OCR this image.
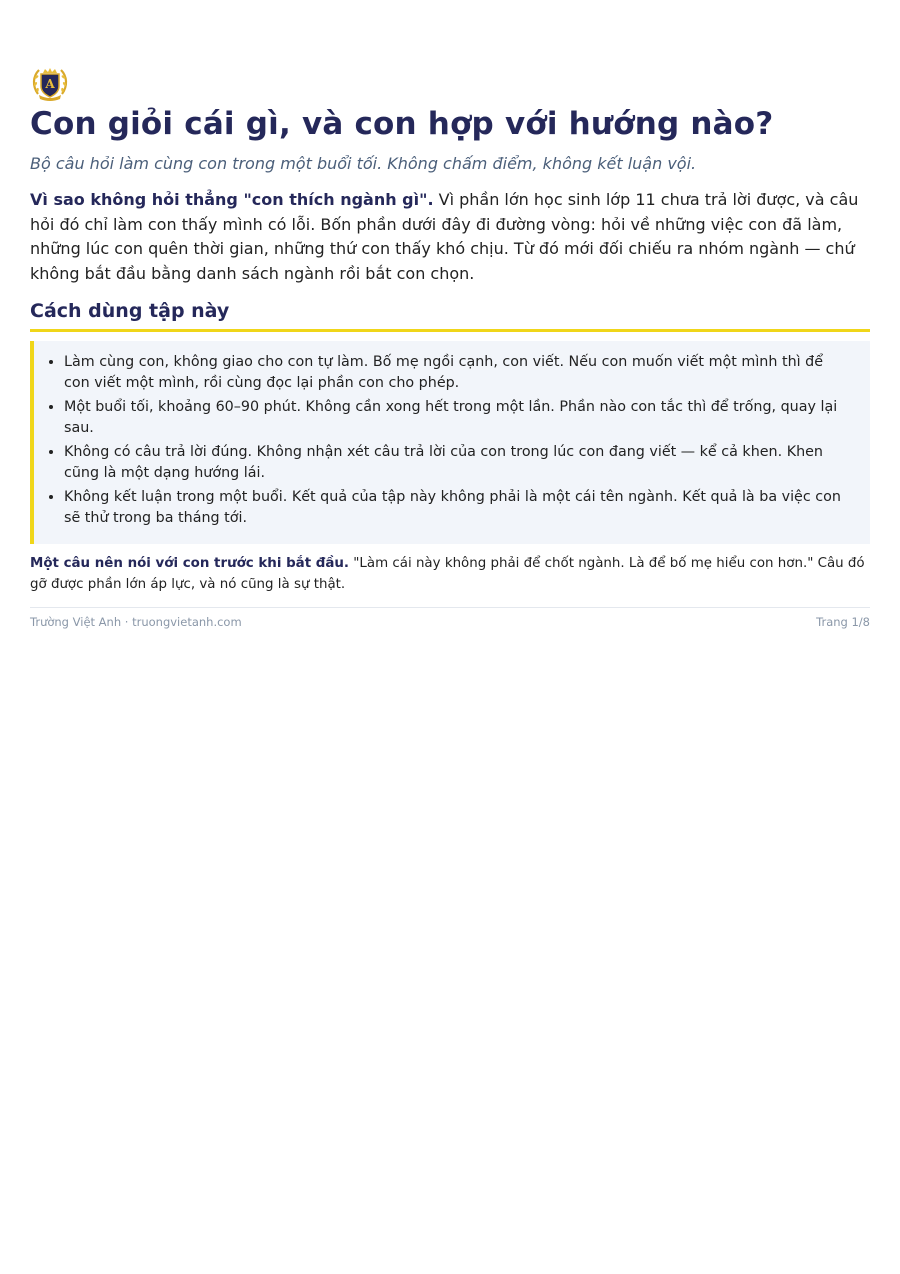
A
Con giỏi cái gì, và con hợp với hướng nào?

Bộ câu hỏi làm cùng con trong một buổi tối. Không chấm điểm, không kết luận vội.

Vì sao không hỏi thẳng "con thích ngành gì". Vì phần lớn học sinh lớp 11 chưa trả lời được, và câu hỏi đó chỉ làm con thấy mình có lỗi. Bốn phần dưới đây đi đường vòng: hỏi về những việc con đã làm, những lúc con quên thời gian, những thứ con thấy khó chịu. Từ đó mới đối chiếu ra nhóm ngành — chứ không bắt đầu bằng danh sách ngành rồi bắt con chọn.

Cách dùng tập này
• Làm cùng con, không giao cho con tự làm. Bố mẹ ngồi cạnh, con viết. Nếu con muốn viết một mình thì để con viết một mình, rồi cùng đọc lại phần con cho phép.
• Một buổi tối, khoảng 60–90 phút. Không cần xong hết trong một lần. Phần nào con tắc thì để trống, quay lại sau.
• Không có câu trả lời đúng. Không nhận xét câu trả lời của con trong lúc con đang viết — kể cả khen. Khen cũng là một dạng hướng lái.
• Không kết luận trong một buổi. Kết quả của tập này không phải là một cái tên ngành. Kết quả là ba việc con sẽ thử trong ba tháng tới.

Một câu nên nói với con trước khi bắt đầu. "Làm cái này không phải để chốt ngành. Là để bố mẹ hiểu con hơn." Câu đó gỡ được phần lớn áp lực, và nó cũng là sự thật.

Trường Việt Anh · truongvietanh.com	Trang 1/8
